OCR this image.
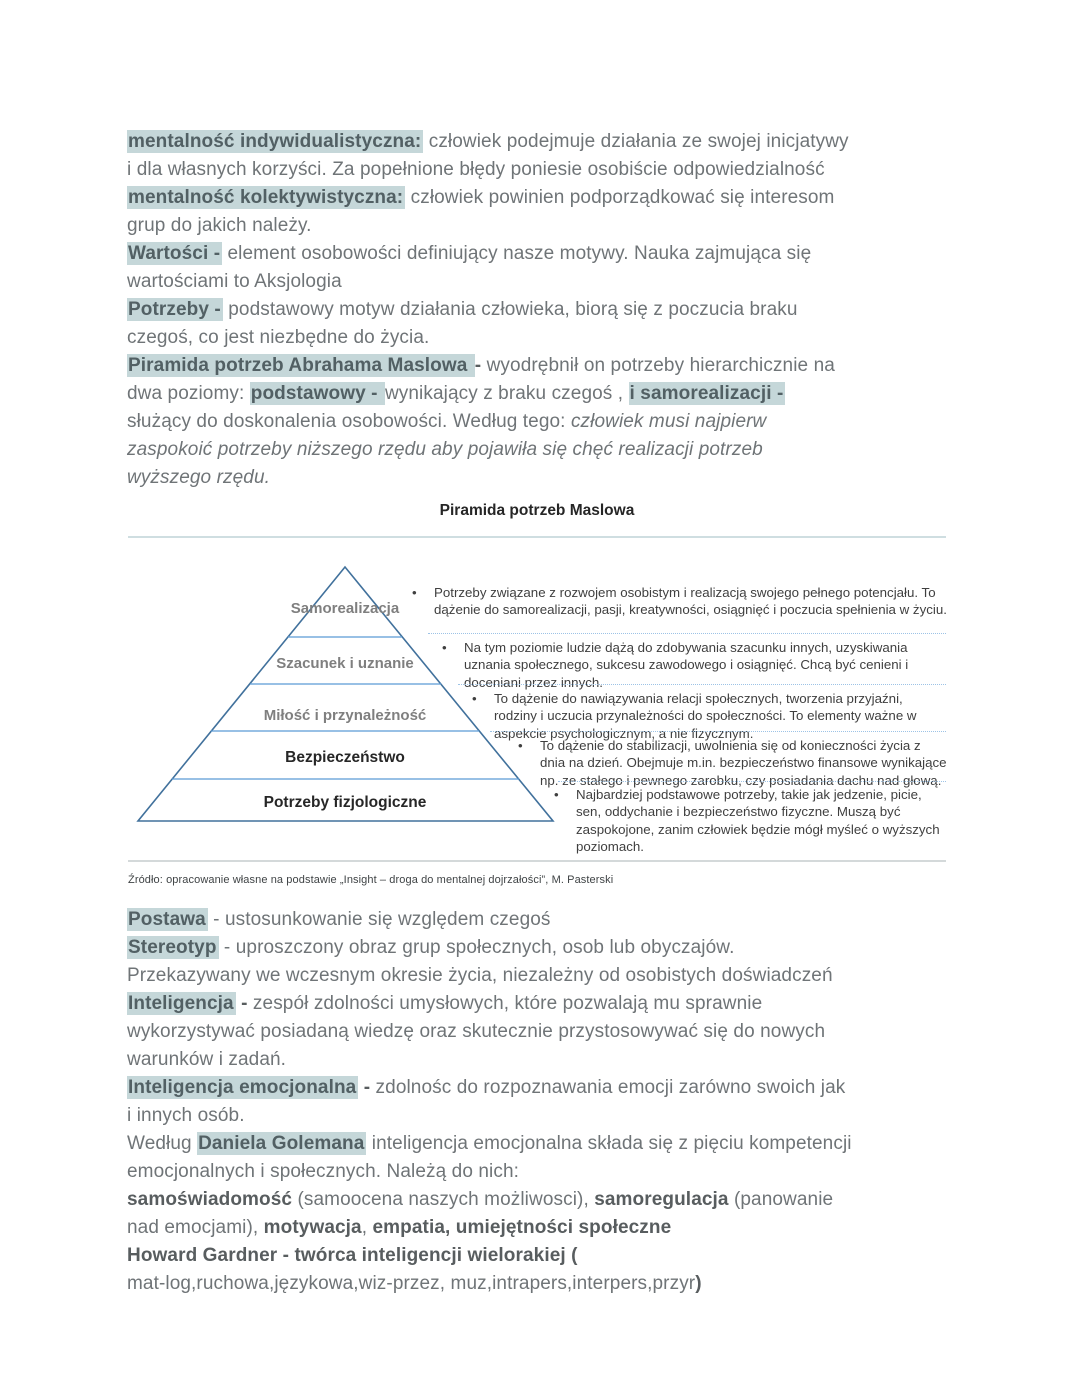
mentalność indywidualistyczna: człowiek podejmuje działania ze swojej inicjatywy
i dla własnych korzyści. Za popełnione błędy poniesie osobiście odpowiedzialność
mentalność kolektywistyczna: człowiek powinien podporządkować się interesom
grup do jakich należy.
Wartości - element osobowości definiujący nasze motywy. Nauka zajmująca się
wartościami to Aksjologia
Potrzeby - podstawowy motyw działania człowieka, biorą się z poczucia braku
czegoś, co jest niezbędne do życia.
Piramida potrzeb Abrahama Maslowa - wyodrębnił on potrzeby hierarchicznie na
dwa poziomy: podstawowy - wynikający z braku czegoś , i samorealizacji -
służący do doskonalenia osobowości. Według tego: człowiek musi najpierw
zaspokoić potrzeby niższego rzędu aby pojawiła się chęć realizacji potrzeb
wyższego rzędu.
Piramida potrzeb Maslowa
Samorealizacja
Szacunek i uznanie
Miłość i przynależność
Bezpieczeństwo
Potrzeby fizjologiczne
•	Potrzeby związane z rozwojem osobistym i realizacją swojego pełnego potencjału. To dążenie do samorealizacji, pasji, kreatywności, osiągnięć i poczucia spełnienia w życiu.
•	Na tym poziomie ludzie dążą do zdobywania szacunku innych, uzyskiwania uznania społecznego, sukcesu zawodowego i osiągnięć. Chcą być cenieni i doceniani przez innych.
•	To dążenie do nawiązywania relacji społecznych, tworzenia przyjaźni, rodziny i uczucia przynależności do społeczności. To elementy ważne w aspekcie psychologicznym, a nie fizycznym.
•	To dążenie do stabilizacji, uwolnienia się od konieczności życia z dnia na dzień. Obejmuje m.in. bezpieczeństwo finansowe wynikające np. ze stałego i pewnego zarobku, czy posiadania dachu nad głową.
•	Najbardziej podstawowe potrzeby, takie jak jedzenie, picie, sen, oddychanie i bezpieczeństwo fizyczne. Muszą być zaspokojone, zanim człowiek będzie mógł myśleć o wyższych poziomach.
Źródło: opracowanie własne na podstawie „Insight – droga do mentalnej dojrzałości”, M. Pasterski
Postawa - ustosunkowanie się względem czegoś
Stereotyp - uproszczony obraz grup społecznych, osob lub obyczajów.
Przekazywany we wczesnym okresie życia, niezależny od osobistych doświadczeń
Inteligencja - zespół zdolności umysłowych, które pozwalają mu sprawnie
wykorzystywać posiadaną wiedzę oraz skutecznie przystosowywać się do nowych
warunków i zadań.
Inteligencja emocjonalna - zdolnośc do rozpoznawania emocji zarówno swoich jak
i innych osób.
Według Daniela Golemana inteligencja emocjonalna składa się z pięciu kompetencji
emocjonalnych i społecznych. Należą do nich:
samoświadomość (samoocena naszych możliwosci), samoregulacja (panowanie
nad emocjami), motywacja, empatia, umiejętności społeczne
Howard Gardner - twórca inteligencji wielorakiej (
mat-log,ruchowa,językowa,wiz-przez, muz,intrapers,interpers,przyr)
